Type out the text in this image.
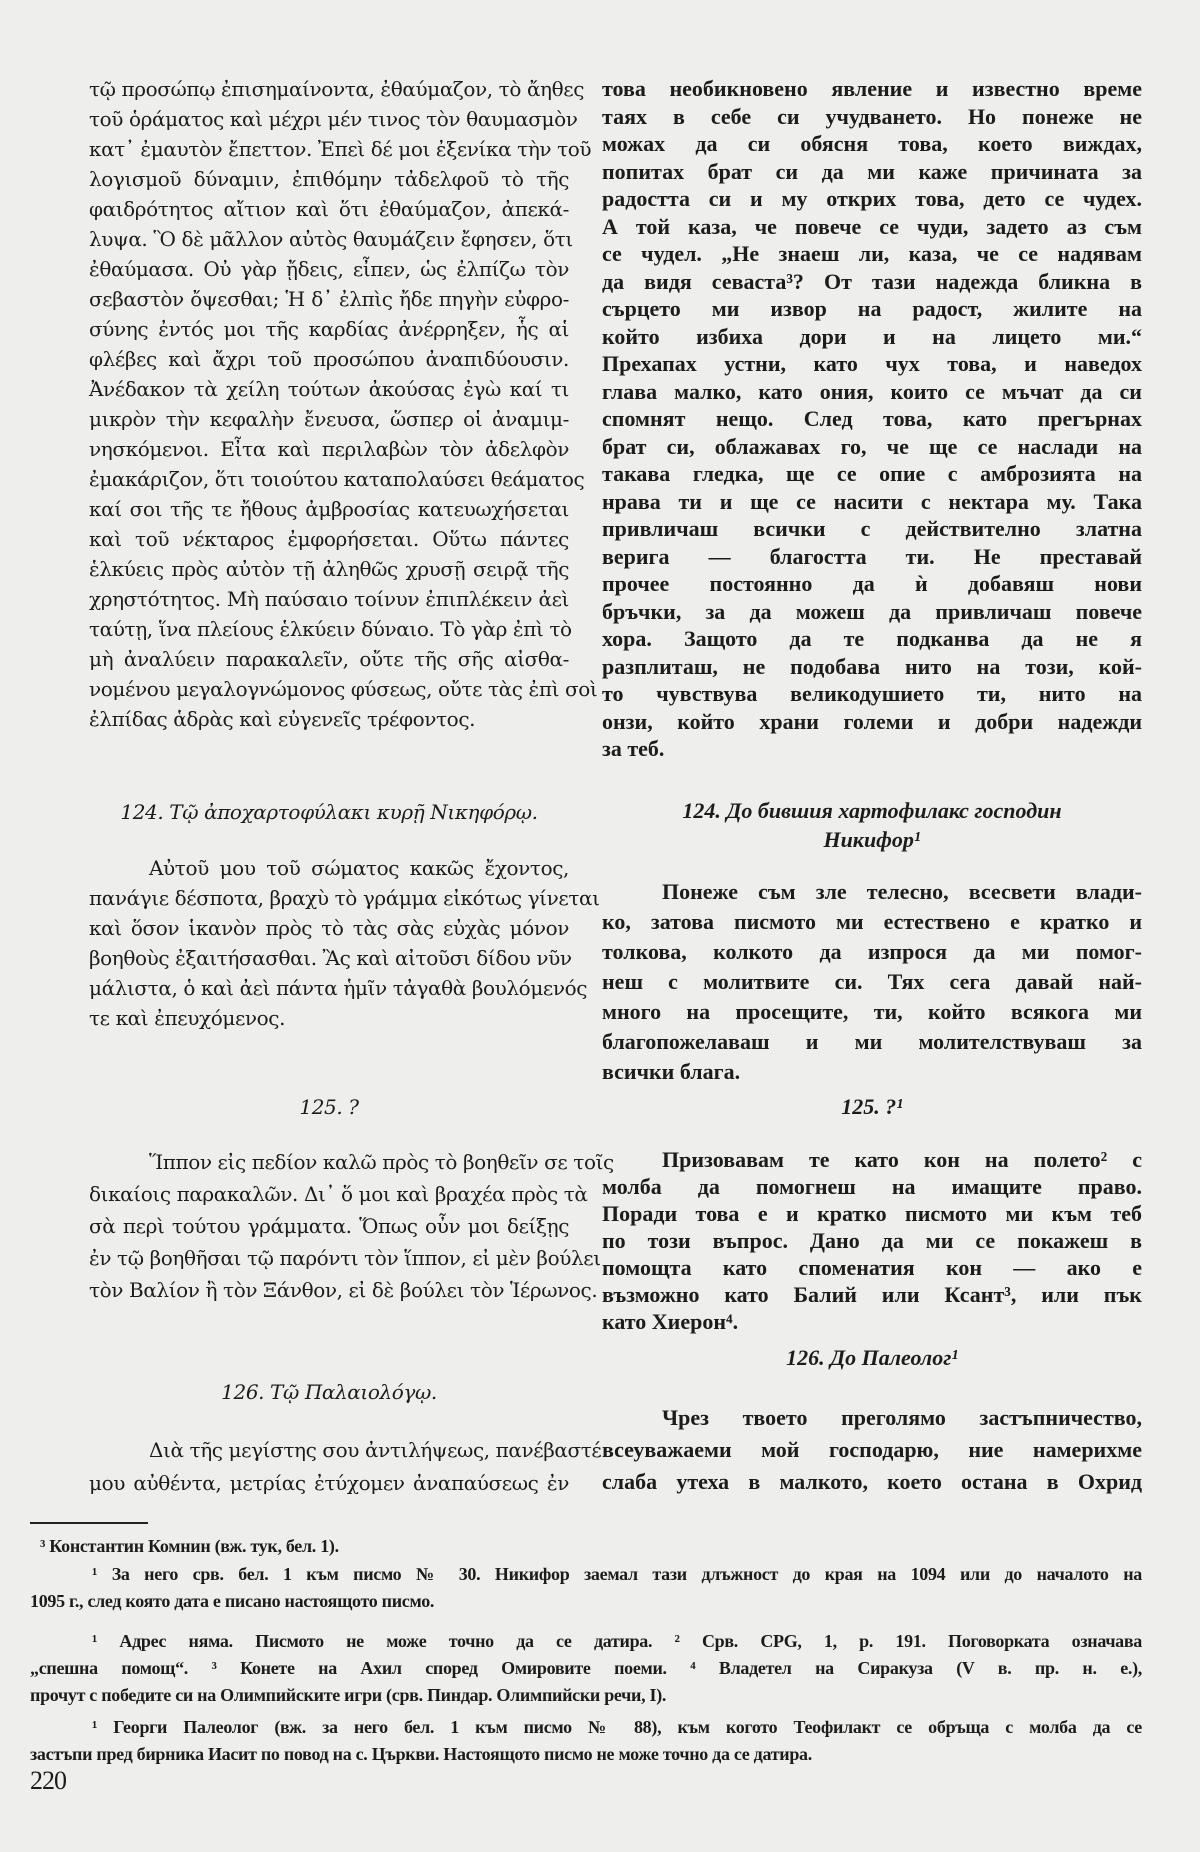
τῷ προσώπῳ ἐπισημαίνοντα, ἐθαύμαζον, τὸ ἄηθες
τοῦ ὁράματος καὶ μέχρι μέν τινος τὸν θαυμασμὸν
κατ᾽ ἐμαυτὸν ἔπεττον. Ἐπεὶ δέ μοι ἐξενίκα τὴν τοῦ
λογισμοῦ δύναμιν, ἐπιθόμην τἀδελφοῦ τὸ τῆς
φαιδρότητος αἴτιον καὶ ὅτι ἐθαύμαζον, ἀπεκά-
λυψα. Ὃ δὲ μᾶλλον αὐτὸς θαυμάζειν ἔφησεν, ὅτι
ἐθαύμασα. Οὐ γὰρ ᾔδεις, εἶπεν, ὡς ἐλπίζω τὸν
σεβαστὸν ὄψεσθαι; Ἡ δ᾽ ἐλπὶς ἤδε πηγὴν εὐφρο-
σύνης ἐντός μοι τῆς καρδίας ἀνέρρηξεν, ἧς αἱ
φλέβες καὶ ἄχρι τοῦ προσώπου ἀναπιδύουσιν.
Ἀνέδακον τὰ χείλη τούτων ἀκούσας ἐγὼ καί τι
μικρὸν τὴν κεφαλὴν ἔνευσα, ὥσπερ οἱ ἀναμιμ-
νησκόμενοι. Εἶτα καὶ περιλαβὼν τὸν ἀδελφὸν
ἐμακάριζον, ὅτι τοιούτου καταπολαύσει θεάματος
καί σοι τῆς τε ἤθους ἀμβροσίας κατευωχήσεται
καὶ τοῦ νέκταρος ἐμφορήσεται. Οὕτω πάντες
ἑλκύεις πρὸς αὐτὸν τῇ ἀληθῶς χρυσῇ σειρᾷ τῆς
χρηστότητος. Μὴ παύσαιο τοίνυν ἐπιπλέκειν ἀεὶ
ταύτῃ, ἵνα πλείους ἑλκύειν δύναιο. Τὸ γὰρ ἐπὶ τὸ
μὴ ἀναλύειν παρακαλεῖν, οὔτε τῆς σῆς αἰσθα-
νομένου μεγαλογνώμονος φύσεως, οὔτε τὰς ἐπὶ σοὶ
ἐλπίδας ἁδρὰς καὶ εὐγενεῖς τρέφοντος.
124. Τῷ ἀποχαρτοφύλακι κυρῇ Νικηφόρῳ.
Αὐτοῦ μου τοῦ σώματος κακῶς ἔχοντος,
πανάγιε δέσποτα, βραχὺ τὸ γράμμα εἰκότως γίνεται
καὶ ὅσον ἱκανὸν πρὸς τὸ τὰς σὰς εὐχὰς μόνον
βοηθοὺς ἐξαιτήσασθαι. Ἂς καὶ αἰτοῦσι δίδου νῦν
μάλιστα, ὁ καὶ ἀεὶ πάντα ἡμῖν τἀγαθὰ βουλόμενός
τε καὶ ἐπευχόμενος.
125. ?
Ἵππον εἰς πεδίον καλῶ πρὸς τὸ βοηθεῖν σε τοῖς
δικαίοις παρακαλῶν. Δι᾽ ὅ μοι καὶ βραχέα πρὸς τὰ
σὰ περὶ τούτου γράμματα. Ὅπως οὖν μοι δείξῃς
ἐν τῷ βοηθῆσαι τῷ παρόντι τὸν ἵππον, εἰ μὲν βούλει
τὸν Βαλίον ἢ τὸν Ξάνθον, εἰ δὲ βούλει τὸν Ἱέρωνος.
126. Τῷ Παλαιολόγῳ.
Διὰ τῆς μεγίστης σου ἀντιλήψεως, πανέβαστέ
μου αὐθέντα, μετρίας ἐτύχομεν ἀναπαύσεως ἐν
това необикновено явление и известно време
таях в себе си учудването. Но понеже не
можах да си обясня това, което виждах,
попитах брат си да ми каже причината за
радостта си и му открих това, дето се чудех.
А той каза, че повече се чуди, задето аз съм
се чудел. „Не знаеш ли, каза, че се надявам
да видя севаста³? От тази надежда бликна в
сърцето ми извор на радост, жилите на
който избиха дори и на лицето ми.“
Прехапах устни, като чух това, и наведох
глава малко, като ония, които се мъчат да си
спомнят нещо. След това, като прегърнах
брат си, облажавах го, че ще се наслади на
такава гледка, ще се опие с амброзията на
нрава ти и ще се насити с нектара му. Така
привличаш всички с действително златна
верига — благостта ти. Не преставай
прочее постоянно да ѝ добавяш нови
бръчки, за да можеш да привличаш повече
хора. Защото да те подканва да не я
разплиташ, не подобава нито на този, кой-
то чувствува великодушието ти, нито на
онзи, който храни големи и добри надежди
за теб.
124. До бившия хартофилакс господин
Никифор¹
Понеже съм зле телесно, всесвети влади-
ко, затова писмото ми естествено е кратко и
толкова, колкото да изпрося да ми помог-
неш с молитвите си. Тях сега давай най-
много на просещите, ти, който всякога ми
благопожелаваш и ми молителствуваш за
всички блага.
125. ?¹
Призовавам те като кон на полето² с
молба да помогнеш на имащите право.
Поради това е и кратко писмото ми към теб
по този въпрос. Дано да ми се покажеш в
помощта като споменатия кон — ако е
възможно като Балий или Ксант³, или пък
като Хиерон⁴.
126. До Палеолог¹
Чрез твоето преголямо застъпничество,
всеуважаеми мой господарю, ние намерихме
слаба утеха в малкото, което остана в Охрид
³ Константин Комнин (вж. тук, бел. 1).
¹ За него срв. бел. 1 към писмо № 30. Никифор заемал тази длъжност до края на 1094 или до началото на
1095 г., след която дата е писано настоящото писмо.
¹ Адрес няма. Писмото не може точно да се датира. ² Срв. CPG, 1, p. 191. Поговорката означава
„спешна помощ“. ³ Конете на Ахил според Омировите поеми. ⁴ Владетел на Сиракуза (V в. пр. н. е.),
прочут с победите си на Олимпийските игри (срв. Пиндар. Олимпийски речи, I).
¹ Георги Палеолог (вж. за него бел. 1 към писмо № 88), към когото Теофилакт се обръща с молба да се
застъпи пред бирника Иасит по повод на с. Църкви. Настоящото писмо не може точно да се датира.
220
